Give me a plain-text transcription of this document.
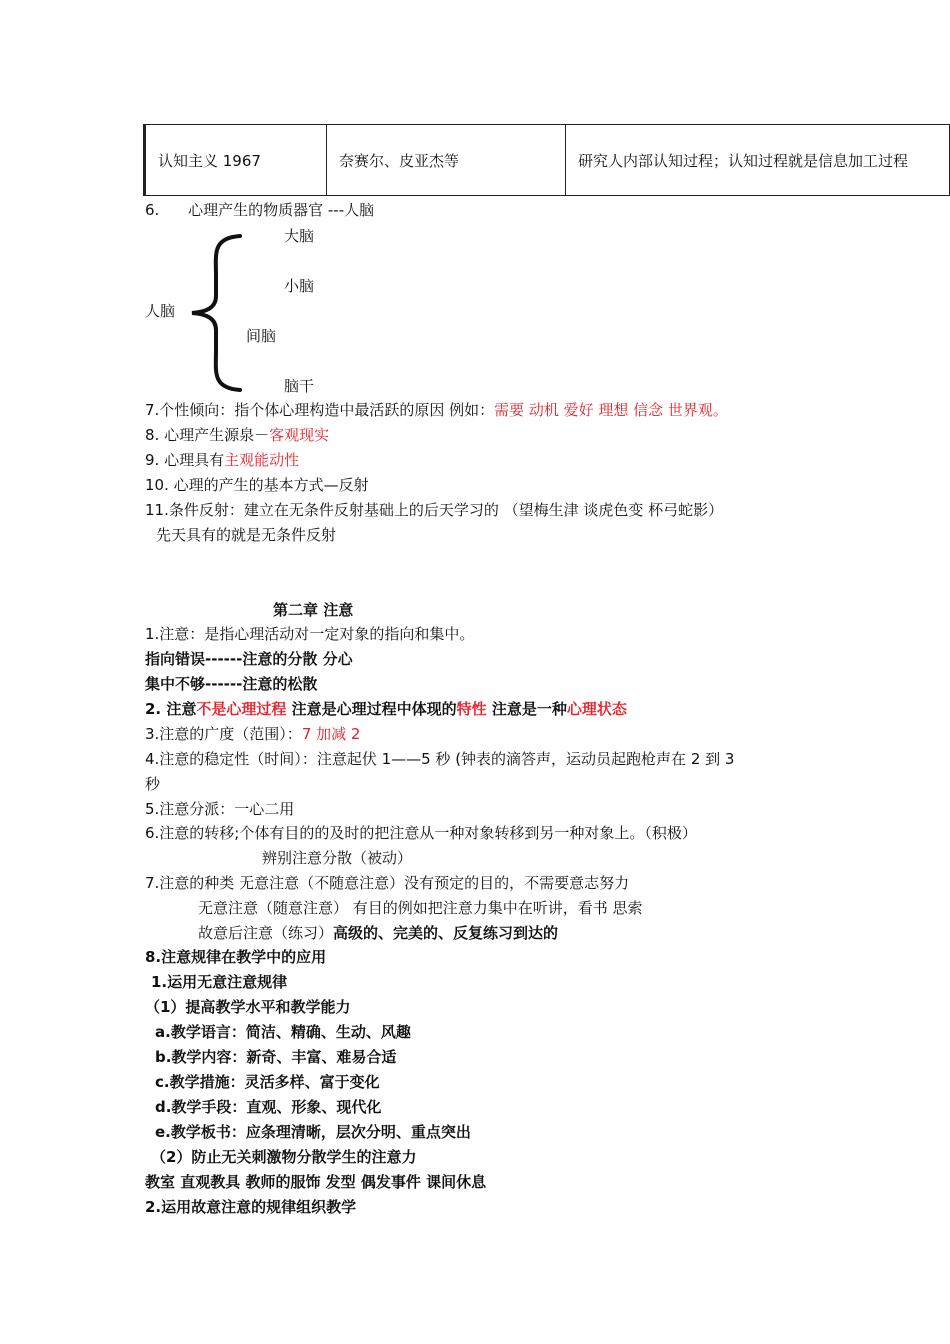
认知主义 1967	奈赛尔、皮亚杰等	研究人内部认知过程；认知过程就是信息加工过程
6. 心理产生的物质器官 ---人脑
大脑
小脑
人脑
间脑
脑干
7.个性倾向：指个体心理构造中最活跃的原因 例如：需要 动机 爱好 理想 信念 世界观。
8. 心理产生源泉－客观现实
9. 心理具有主观能动性
10. 心理的产生的基本方式—反射
11.条件反射：建立在无条件反射基础上的后天学习的 （望梅生津 谈虎色变 杯弓蛇影）
先天具有的就是无条件反射
第二章 注意
1.注意：是指心理活动对一定对象的指向和集中。
指向错误------注意的分散 分心
集中不够------注意的松散
2. 注意不是心理过程 注意是心理过程中体现的特性 注意是一种心理状态
3.注意的广度（范围）：7 加减 2
4.注意的稳定性（时间）：注意起伏 1——5 秒 (钟表的滴答声，运动员起跑枪声在 2 到 3
秒
5.注意分派：一心二用
6.注意的转移;个体有目的的及时的把注意从一种对象转移到另一种对象上。（积极）
辨别注意分散（被动）
7.注意的种类 无意注意（不随意注意）没有预定的目的，不需要意志努力
无意注意（随意注意） 有目的例如把注意力集中在听讲，看书 思索
故意后注意（练习）高级的、完美的、反复练习到达的
8.注意规律在教学中的应用
1.运用无意注意规律
（1）提高教学水平和教学能力
a.教学语言：简洁、精确、生动、风趣
b.教学内容：新奇、丰富、难易合适
c.教学措施：灵活多样、富于变化
d.教学手段：直观、形象、现代化
e.教学板书：应条理清晰，层次分明、重点突出
（2）防止无关刺激物分散学生的注意力
教室 直观教具 教师的服饰 发型 偶发事件 课间休息
2.运用故意注意的规律组织教学
